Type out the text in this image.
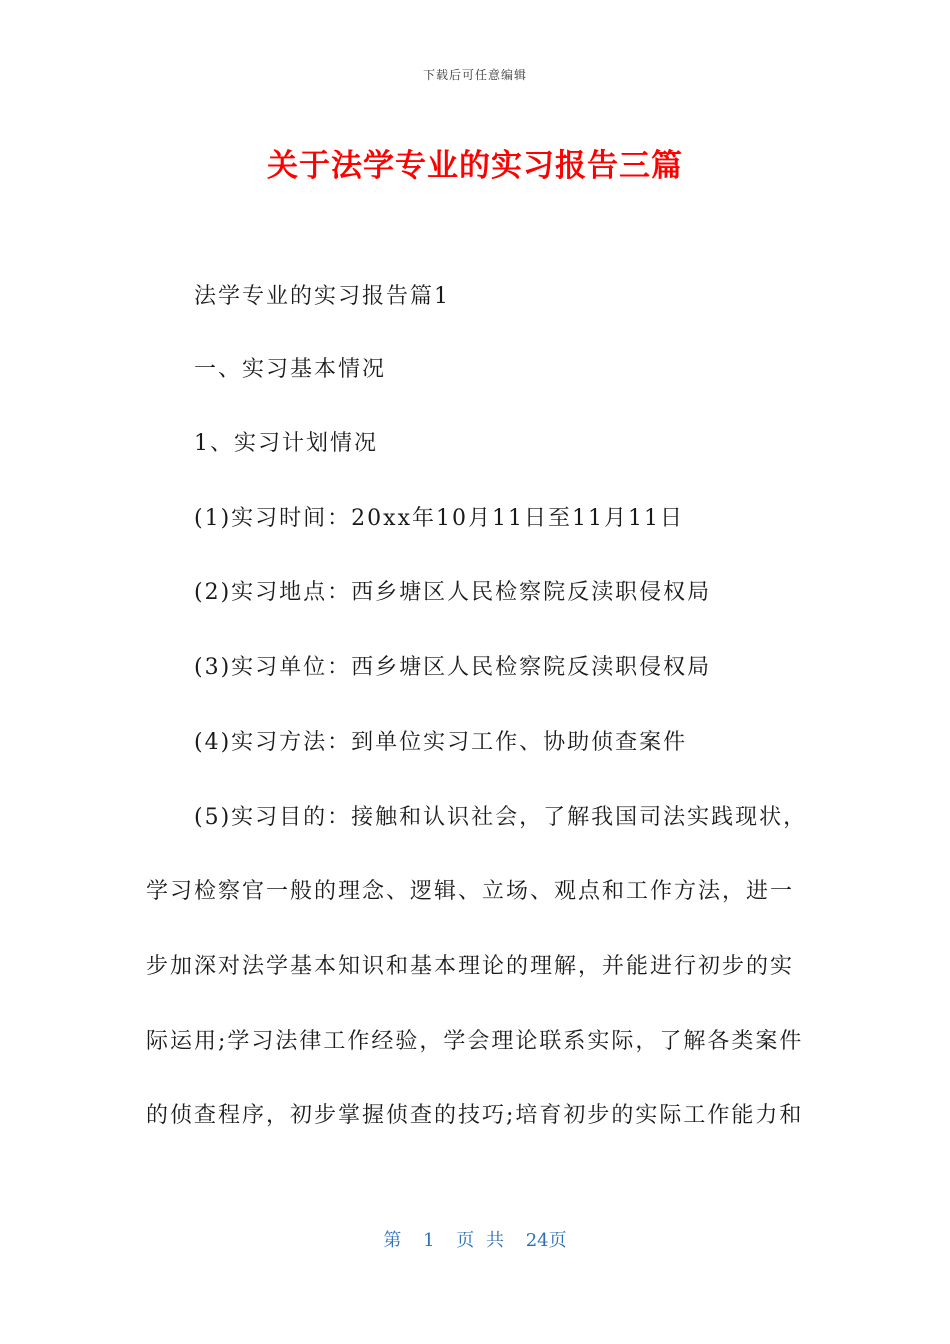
下载后可任意编辑
关于法学专业的实习报告三篇
法学专业的实习报告篇1
一、实习基本情况
1、实习计划情况
(1)实习时间：20xx年10月11日至11月11日
(2)实习地点：西乡塘区人民检察院反渎职侵权局
(3)实习单位：西乡塘区人民检察院反渎职侵权局
(4)实习方法：到单位实习工作、协助侦查案件
(5)实习目的：接触和认识社会，了解我国司法实践现状，
学习检察官一般的理念、逻辑、立场、观点和工作方法，进一
步加深对法学基本知识和基本理论的理解，并能进行初步的实
际运用;学习法律工作经验，学会理论联系实际，了解各类案件
的侦查程序，初步掌握侦查的技巧;培育初步的实际工作能力和
第 1 页 共 24页
